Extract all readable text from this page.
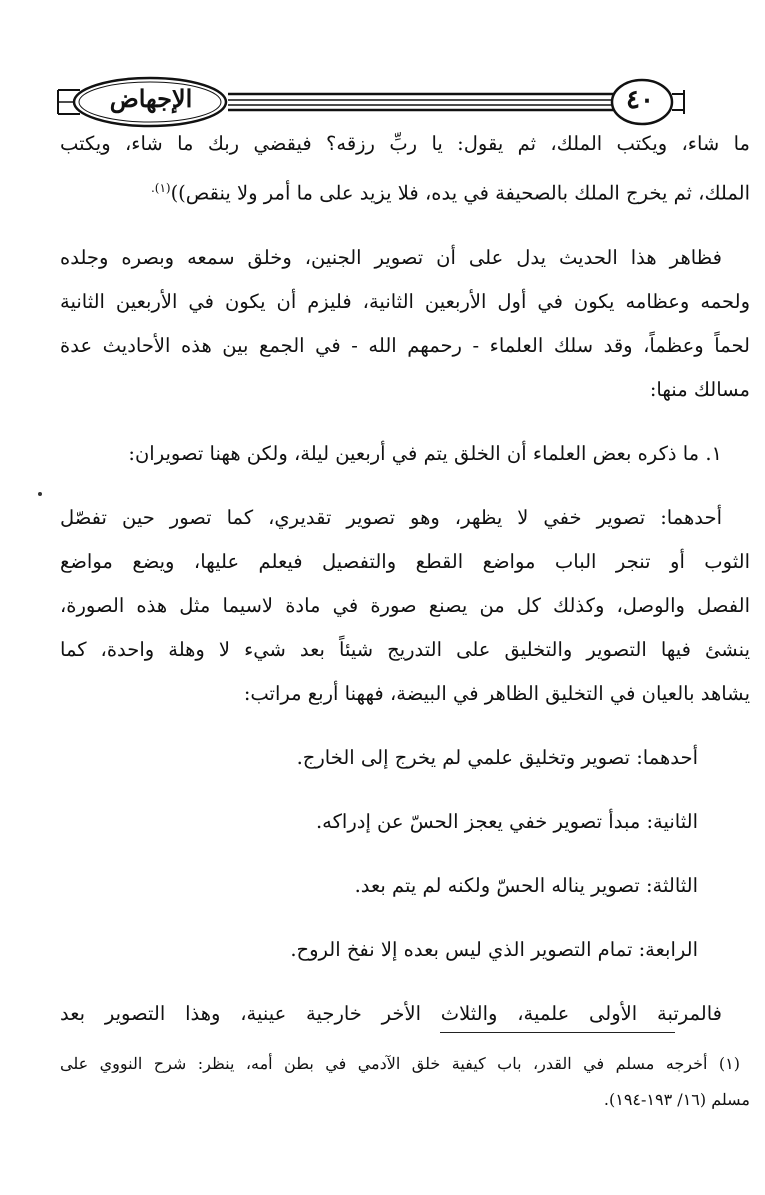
الإجهاض	٤٠
ما شاء، ويكتب الملك، ثم يقول: يا ربِّ رزقه؟ فيقضي ربك ما شاء، ويكتب
الملك، ثم يخرج الملك بالصحيفة في يده، فلا يزيد على ما أمر ولا ينقص))$^{(١).}$
فظاهر هذا الحديث يدل على أن تصوير الجنين، وخلق سمعه وبصره وجلده
ولحمه وعظامه يكون في أول الأربعين الثانية، فليزم أن يكون في الأربعين الثانية
لحماً وعظماً، وقد سلك العلماء - رحمهم الله - في الجمع بين هذه الأحاديث عدة
مسالك منها:
١. ما ذكره بعض العلماء أن الخلق يتم في أربعين ليلة، ولكن ههنا تصويران:
أحدهما: تصوير خفي لا يظهر، وهو تصوير تقديري، كما تصور حين تفصّل
الثوب أو تنجر الباب مواضع القطع والتفصيل فيعلم عليها، ويضع مواضع
الفصل والوصل، وكذلك كل من يصنع صورة في مادة لاسيما مثل هذه الصورة،
ينشئ فيها التصوير والتخليق على التدريج شيئاً بعد شيء لا وهلة واحدة، كما
يشاهد بالعيان في التخليق الظاهر في البيضة، فههنا أربع مراتب:
أحدهما: تصوير وتخليق علمي لم يخرج إلى الخارج.
الثانية: مبدأ تصوير خفي يعجز الحسّ عن إدراكه.
الثالثة: تصوير يناله الحسّ ولكنه لم يتم بعد.
الرابعة: تمام التصوير الذي ليس بعده إلا نفخ الروح.
فالمرتبة الأولى علمية، والثلاث الأخر خارجية عينية، وهذا التصوير بعد
(١) أخرجه مسلم في القدر، باب كيفية خلق الآدمي في بطن أمه، ينظر: شرح النووي على
مسلم (١٦/ ١٩٣-١٩٤).
